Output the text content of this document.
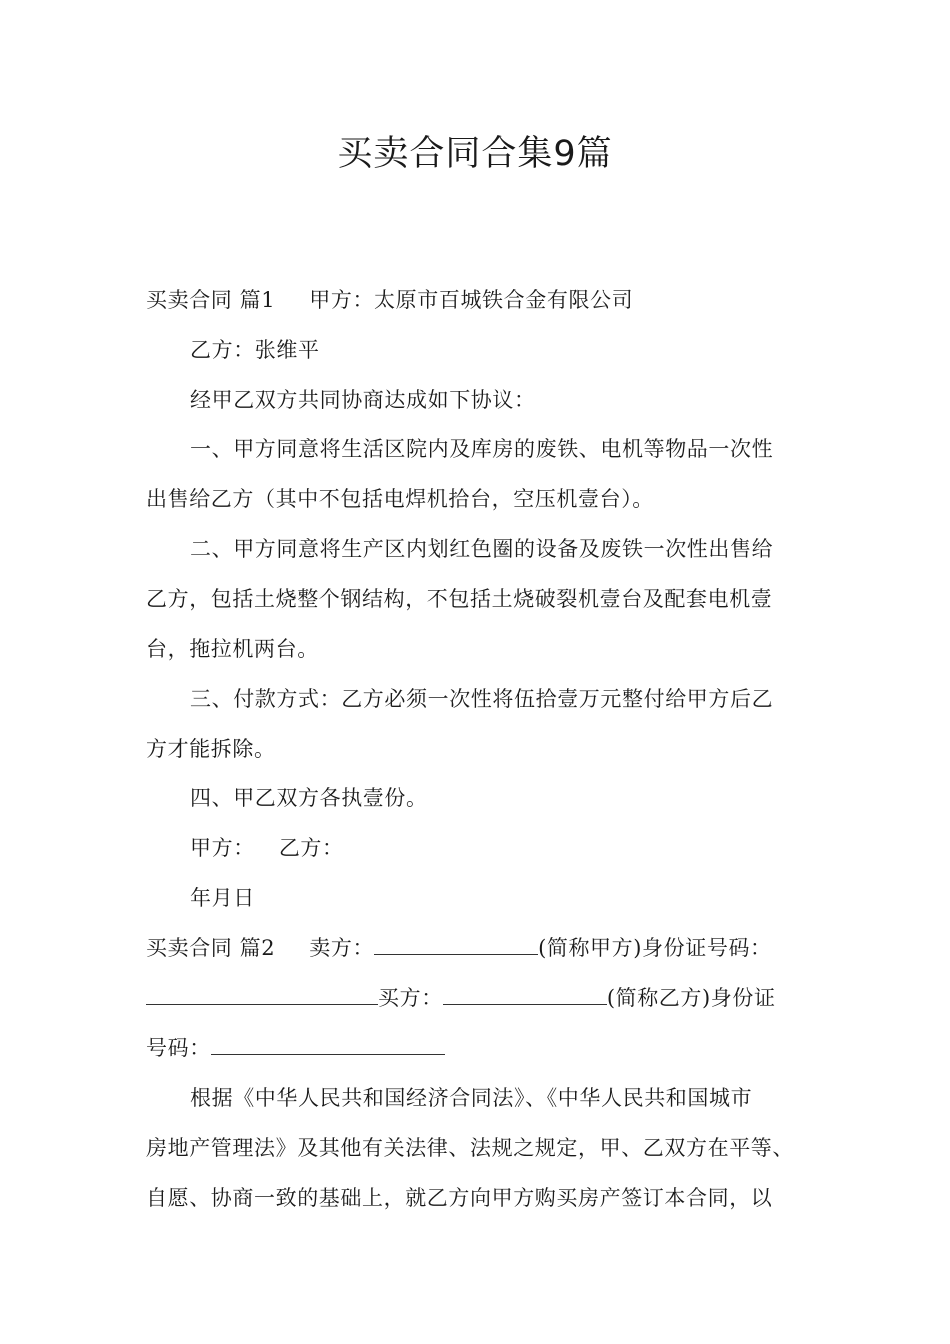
买卖合同合集9篇
买卖合同 篇1 甲方：太原市百城铁合金有限公司
乙方：张维平
经甲乙双方共同协商达成如下协议：
一、甲方同意将生活区院内及库房的废铁、电机等物品一次性
出售给乙方（其中不包括电焊机拾台，空压机壹台）。
二、甲方同意将生产区内划红色圈的设备及废铁一次性出售给
乙方，包括土烧整个钢结构，不包括土烧破裂机壹台及配套电机壹
台，拖拉机两台。
三、付款方式：乙方必须一次性将伍拾壹万元整付给甲方后乙
方才能拆除。
四、甲乙双方各执壹份。
甲方： 乙方：
年月日
买卖合同 篇2 卖方：	(简称甲方)身份证号码：
买方：	(简称乙方)身份证
号码：
根据《中华人民共和国经济合同法》、《中华人民共和国城市
房地产管理法》及其他有关法律、法规之规定，甲、乙双方在平等、
自愿、协商一致的基础上，就乙方向甲方购买房产签订本合同，以
